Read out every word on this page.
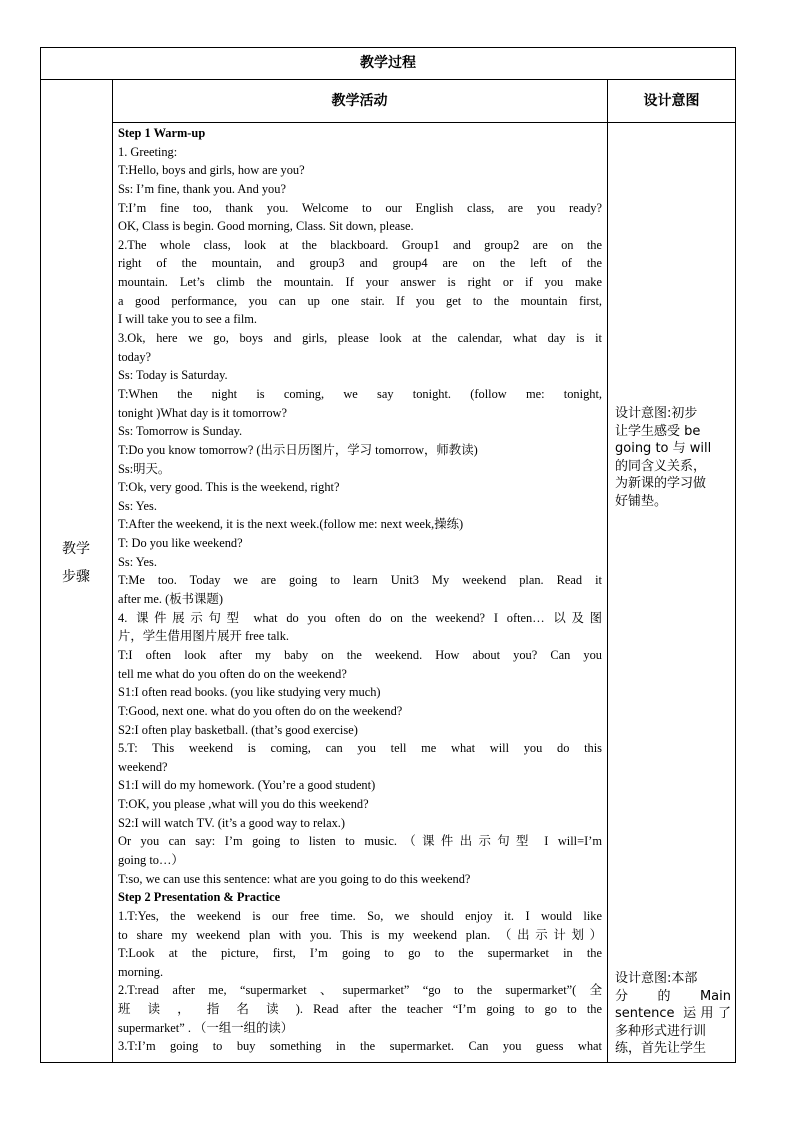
教学过程
教学活动	设计意图
教学
步骤
Step 1 Warm-up
1. Greeting:
T:Hello, boys and girls, how are you?
Ss: I’m fine, thank you. And you?
T:I’m fine too, thank you. Welcome to our English class, are you ready?
OK, Class is begin. Good morning, Class. Sit down, please.
2.The whole class, look at the blackboard. Group1 and group2 are on the
right of the mountain, and group3 and group4 are on the left of the
mountain. Let’s climb the mountain. If your answer is right or if you make
a good performance, you can up one stair. If you get to the mountain first,
I will take you to see a film.
3.Ok, here we go, boys and girls, please look at the calendar, what day is it
today?
Ss: Today is Saturday.
T:When the night is coming, we say tonight. (follow me: tonight,
tonight )What day is it tomorrow?
Ss: Tomorrow is Sunday.
T:Do you know tomorrow? (出示日历图片，学习 tomorrow，师教读)
Ss:明天。
T:Ok, very good. This is the weekend, right?
Ss: Yes.
T:After the weekend, it is the next week.(follow me: next week,操练)
T: Do you like weekend?
Ss: Yes.
T:Me too. Today we are going to learn Unit3 My weekend plan. Read it
after me. (板书课题)
4. 课件展示句型 what do you often do on the weekend? I often… 以及图
片，学生借用图片展开 free talk.
T:I often look after my baby on the weekend. How about you? Can you
tell me what do you often do on the weekend?
S1:I often read books. (you like studying very much)
T:Good, next one. what do you often do on the weekend?
S2:I often play basketball. (that’s good exercise)
5.T: This weekend is coming, can you tell me what will you do this
weekend?
S1:I will do my homework. (You’re a good student)
T:OK, you please ,what will you do this weekend?
S2:I will watch TV. (it’s a good way to relax.)
Or you can say: I’m going to listen to music.（课件出示句型 I will=I’m
going to…）
T:so, we can use this sentence: what are you going to do this weekend?
Step 2 Presentation & Practice
1.T:Yes, the weekend is our free time. So, we should enjoy it. I would like
to share my weekend plan with you. This is my weekend plan. （出示计划）
T:Look at the picture, first, I’m going to go to the supermarket in the
morning.
2.T:read after me, “supermarket 、supermarket” “go to the supermarket”( 全
班 读 ， 指 名 读 ). Read after the teacher “I’m going to go to the
supermarket” . （一组一组的读）
3.T:I’m going to buy something in the supermarket. Can you guess what
设计意图:初步
让学生感受 be
going to 与 will
的同含义关系，
为新课的学习做
好铺垫。
设计意图:本部
分 的 Main
sentence 运用了
多种形式进行训
练，首先让学生
